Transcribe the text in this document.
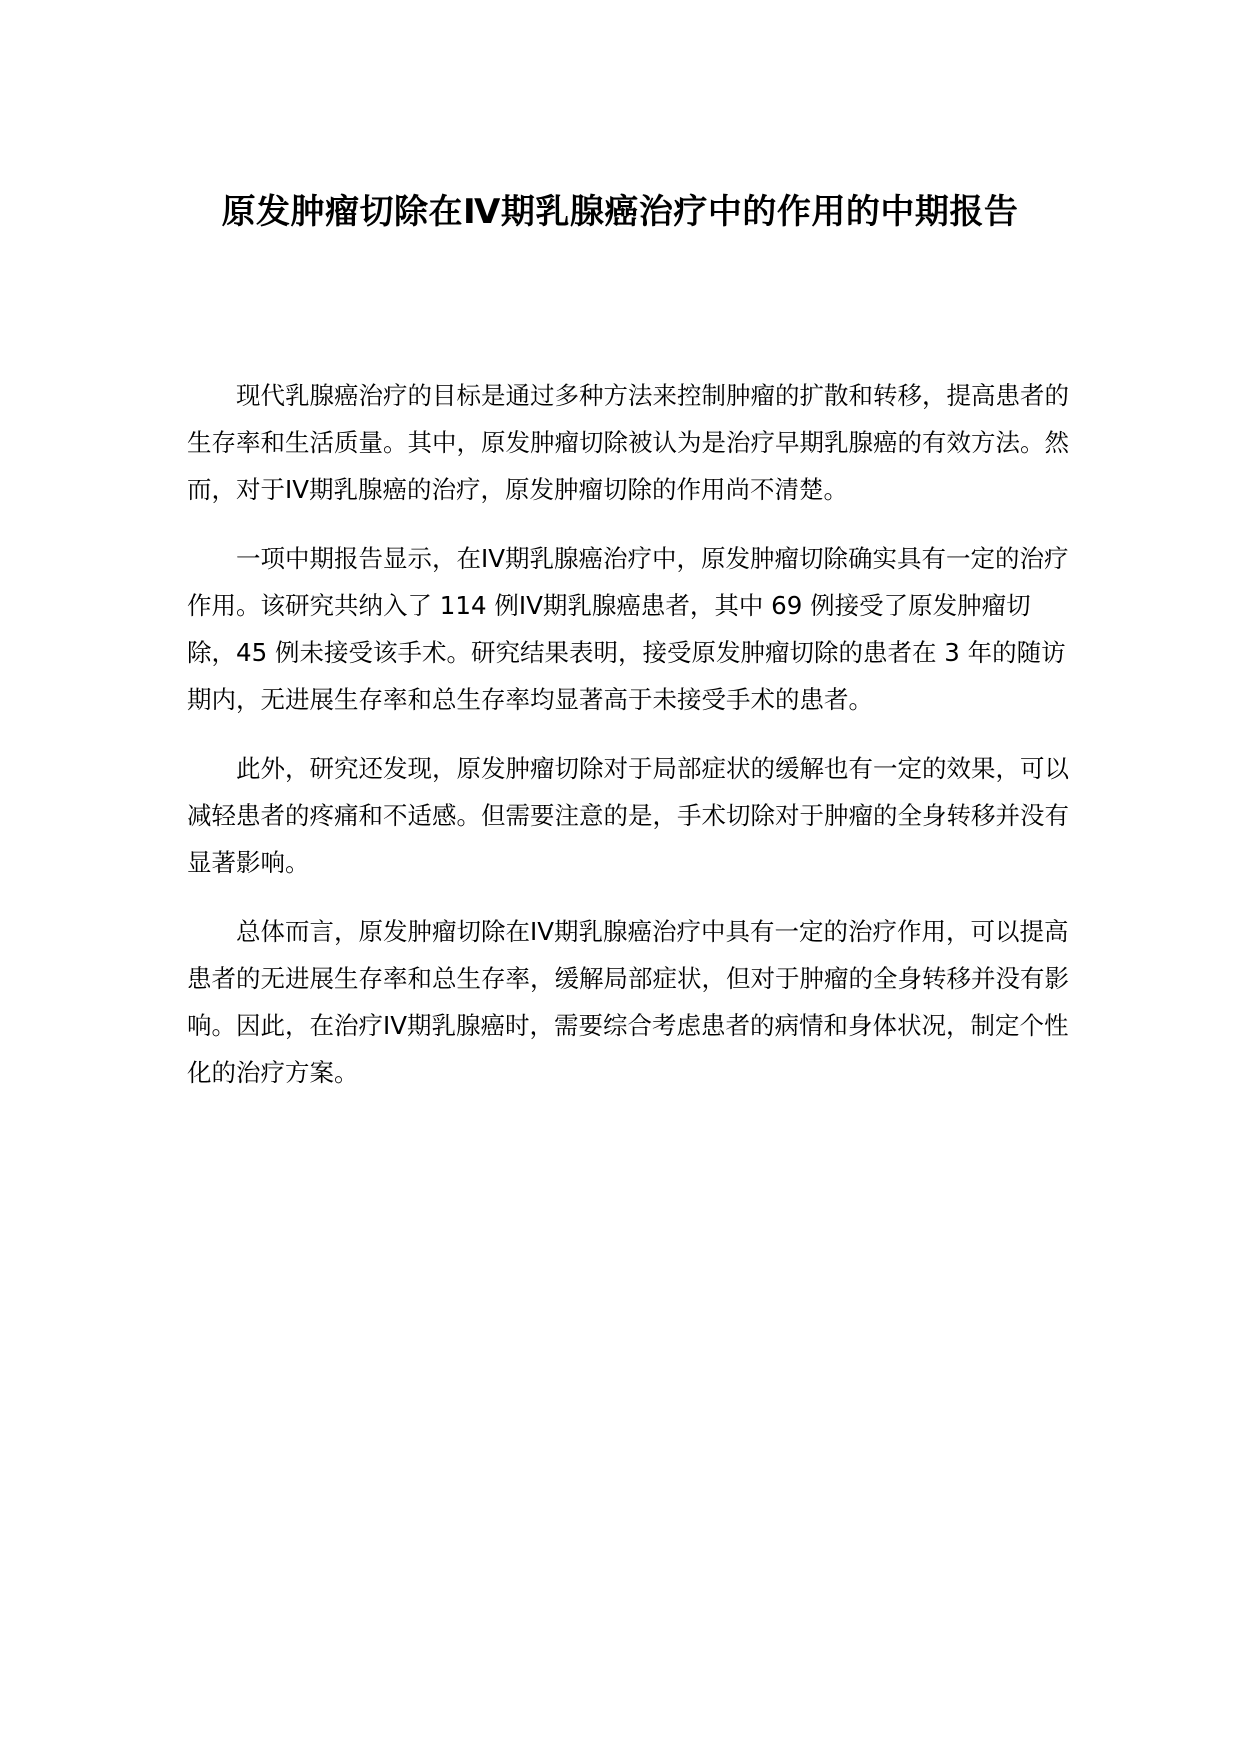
原发肿瘤切除在Ⅳ期乳腺癌治疗中的作用的中期报告

现代乳腺癌治疗的目标是通过多种方法来控制肿瘤的扩散和转移，提高患者的生存率和生活质量。其中，原发肿瘤切除被认为是治疗早期乳腺癌的有效方法。然而，对于IV期乳腺癌的治疗，原发肿瘤切除的作用尚不清楚。

一项中期报告显示，在IV期乳腺癌治疗中，原发肿瘤切除确实具有一定的治疗作用。该研究共纳入了 114 例IV期乳腺癌患者，其中 69 例接受了原发肿瘤切除，45 例未接受该手术。研究结果表明，接受原发肿瘤切除的患者在 3 年的随访期内，无进展生存率和总生存率均显著高于未接受手术的患者。

此外，研究还发现，原发肿瘤切除对于局部症状的缓解也有一定的效果，可以减轻患者的疼痛和不适感。但需要注意的是，手术切除对于肿瘤的全身转移并没有显著影响。

总体而言，原发肿瘤切除在IV期乳腺癌治疗中具有一定的治疗作用，可以提高患者的无进展生存率和总生存率，缓解局部症状，但对于肿瘤的全身转移并没有影响。因此，在治疗IV期乳腺癌时，需要综合考虑患者的病情和身体状况，制定个性化的治疗方案。
